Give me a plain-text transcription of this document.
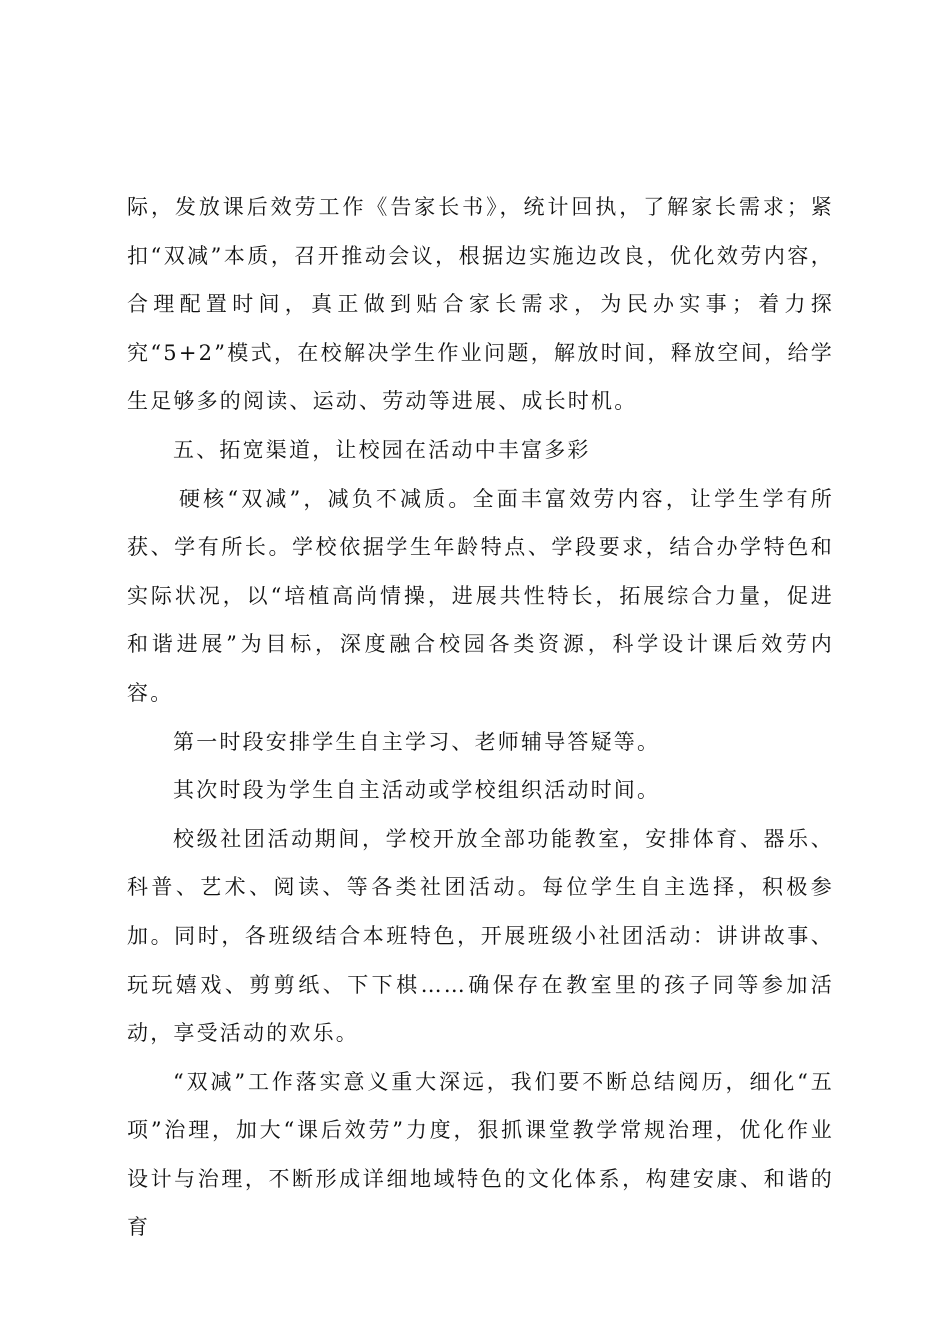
际，发放课后效劳工作《告家长书》，统计回执，了解家长需求；紧扣“双减”本质，召开推动会议，根据边实施边改良，优化效劳内容，合理配置时间，真正做到贴合家长需求，为民办实事；着力探究“5+2”模式，在校解决学生作业问题，解放时间，释放空间，给学生足够多的阅读、运动、劳动等进展、成长时机。

五、拓宽渠道，让校园在活动中丰富多彩

硬核“双减”，减负不减质。全面丰富效劳内容，让学生学有所获、学有所长。学校依据学生年龄特点、学段要求，结合办学特色和实际状况，以“培植高尚情操，进展共性特长，拓展综合力量，促进和谐进展”为目标，深度融合校园各类资源，科学设计课后效劳内容。

第一时段安排学生自主学习、老师辅导答疑等。

其次时段为学生自主活动或学校组织活动时间。

校级社团活动期间，学校开放全部功能教室，安排体育、器乐、科普、艺术、阅读、等各类社团活动。每位学生自主选择，积极参加。同时，各班级结合本班特色，开展班级小社团活动：讲讲故事、玩玩嬉戏、剪剪纸、下下棋……确保存在教室里的孩子同等参加活动，享受活动的欢乐。

“双减”工作落实意义重大深远，我们要不断总结阅历，细化“五项”治理，加大“课后效劳”力度，狠抓课堂教学常规治理，优化作业设计与治理，不断形成详细地域特色的文化体系，构建安康、和谐的育
